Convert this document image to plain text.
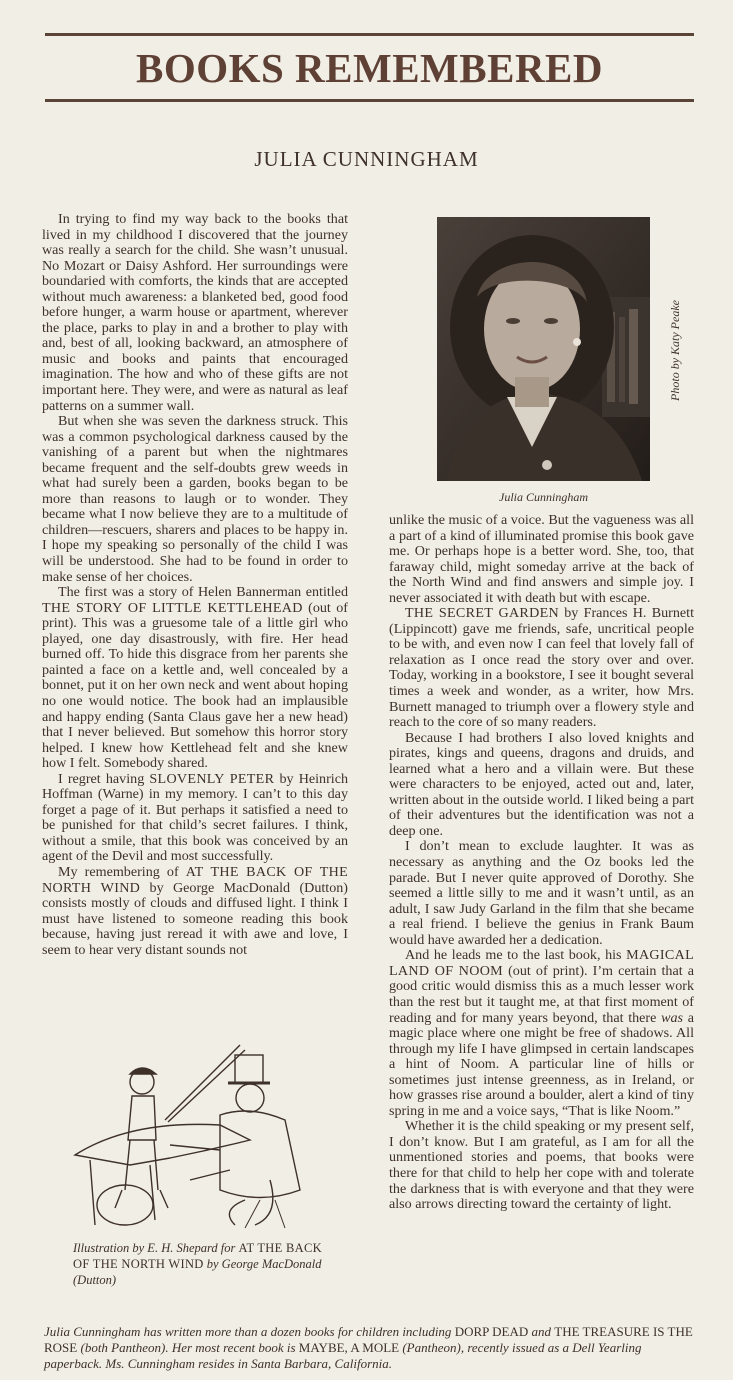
BOOKS REMEMBERED
JULIA CUNNINGHAM

In trying to find my way back to the books that lived in my childhood I discovered that the journey was really a search for the child. She wasn’t unusual. No Mozart or Daisy Ashford. Her surroundings were boundaried with comforts, the kinds that are accepted without much awareness: a blanketed bed, good food before hunger, a warm house or apartment, wherever the place, parks to play in and a brother to play with and, best of all, looking backward, an atmosphere of music and books and paints that encouraged imagination. The how and who of these gifts are not important here. They were, and were as natural as leaf patterns on a summer wall.

But when she was seven the darkness struck. This was a common psychological darkness caused by the vanishing of a parent but when the nightmares became frequent and the self-doubts grew weeds in what had surely been a garden, books began to be more than reasons to laugh or to wonder. They became what I now believe they are to a multitude of children—rescuers, sharers and places to be happy in. I hope my speaking so personally of the child I was will be understood. She had to be found in order to make sense of her choices.

The first was a story of Helen Bannerman entitled THE STORY OF LITTLE KETTLEHEAD (out of print). This was a gruesome tale of a little girl who played, one day disastrously, with fire. Her head burned off. To hide this disgrace from her parents she painted a face on a kettle and, well concealed by a bonnet, put it on her own neck and went about hoping no one would notice. The book had an implausible and happy ending (Santa Claus gave her a new head) that I never believed. But somehow this horror story helped. I knew how Kettlehead felt and she knew how I felt. Somebody shared.

I regret having SLOVENLY PETER by Heinrich Hoffman (Warne) in my memory. I can’t to this day forget a page of it. But perhaps it satisfied a need to be punished for that child’s secret failures. I think, without a smile, that this book was conceived by an agent of the Devil and most successfully.

My remembering of AT THE BACK OF THE NORTH WIND by George MacDonald (Dutton) consists mostly of clouds and diffused light. I think I must have listened to someone reading this book because, having just reread it with awe and love, I seem to hear very distant sounds not

Photo by Katy Peake
Julia Cunningham

unlike the music of a voice. But the vagueness was all a part of a kind of illuminated promise this book gave me. Or perhaps hope is a better word. She, too, that faraway child, might someday arrive at the back of the North Wind and find answers and simple joy. I never associated it with death but with escape.

THE SECRET GARDEN by Frances H. Burnett (Lippincott) gave me friends, safe, uncritical people to be with, and even now I can feel that lovely fall of relaxation as I once read the story over and over. Today, working in a bookstore, I see it bought several times a week and wonder, as a writer, how Mrs. Burnett managed to triumph over a flowery style and reach to the core of so many readers.

Because I had brothers I also loved knights and pirates, kings and queens, dragons and druids, and learned what a hero and a villain were. But these were characters to be enjoyed, acted out and, later, written about in the outside world. I liked being a part of their adventures but the identification was not a deep one.

I don’t mean to exclude laughter. It was as necessary as anything and the Oz books led the parade. But I never quite approved of Dorothy. She seemed a little silly to me and it wasn’t until, as an adult, I saw Judy Garland in the film that she became a real friend. I believe the genius in Frank Baum would have awarded her a dedication.

And he leads me to the last book, his MAGICAL LAND OF NOOM (out of print). I’m certain that a good critic would dismiss this as a much lesser work than the rest but it taught me, at that first moment of reading and for many years beyond, that there was a magic place where one might be free of shadows. All through my life I have glimpsed in certain landscapes a hint of Noom. A particular line of hills or sometimes just intense greenness, as in Ireland, or how grasses rise around a boulder, alert a kind of tiny spring in me and a voice says, “That is like Noom.”

Whether it is the child speaking or my present self, I don’t know. But I am grateful, as I am for all the unmentioned stories and poems, that books were there for that child to help her cope with and tolerate the darkness that is with everyone and that they were also arrows directing toward the certainty of light.

Illustration by E. H. Shepard for AT THE BACK OF THE NORTH WIND by George MacDonald (Dutton)
Julia Cunningham has written more than a dozen books for children including DORP DEAD and THE TREASURE IS THE ROSE (both Pantheon). Her most recent book is MAYBE, A MOLE (Pantheon), recently issued as a Dell Yearling paperback. Ms. Cunningham resides in Santa Barbara, California.
